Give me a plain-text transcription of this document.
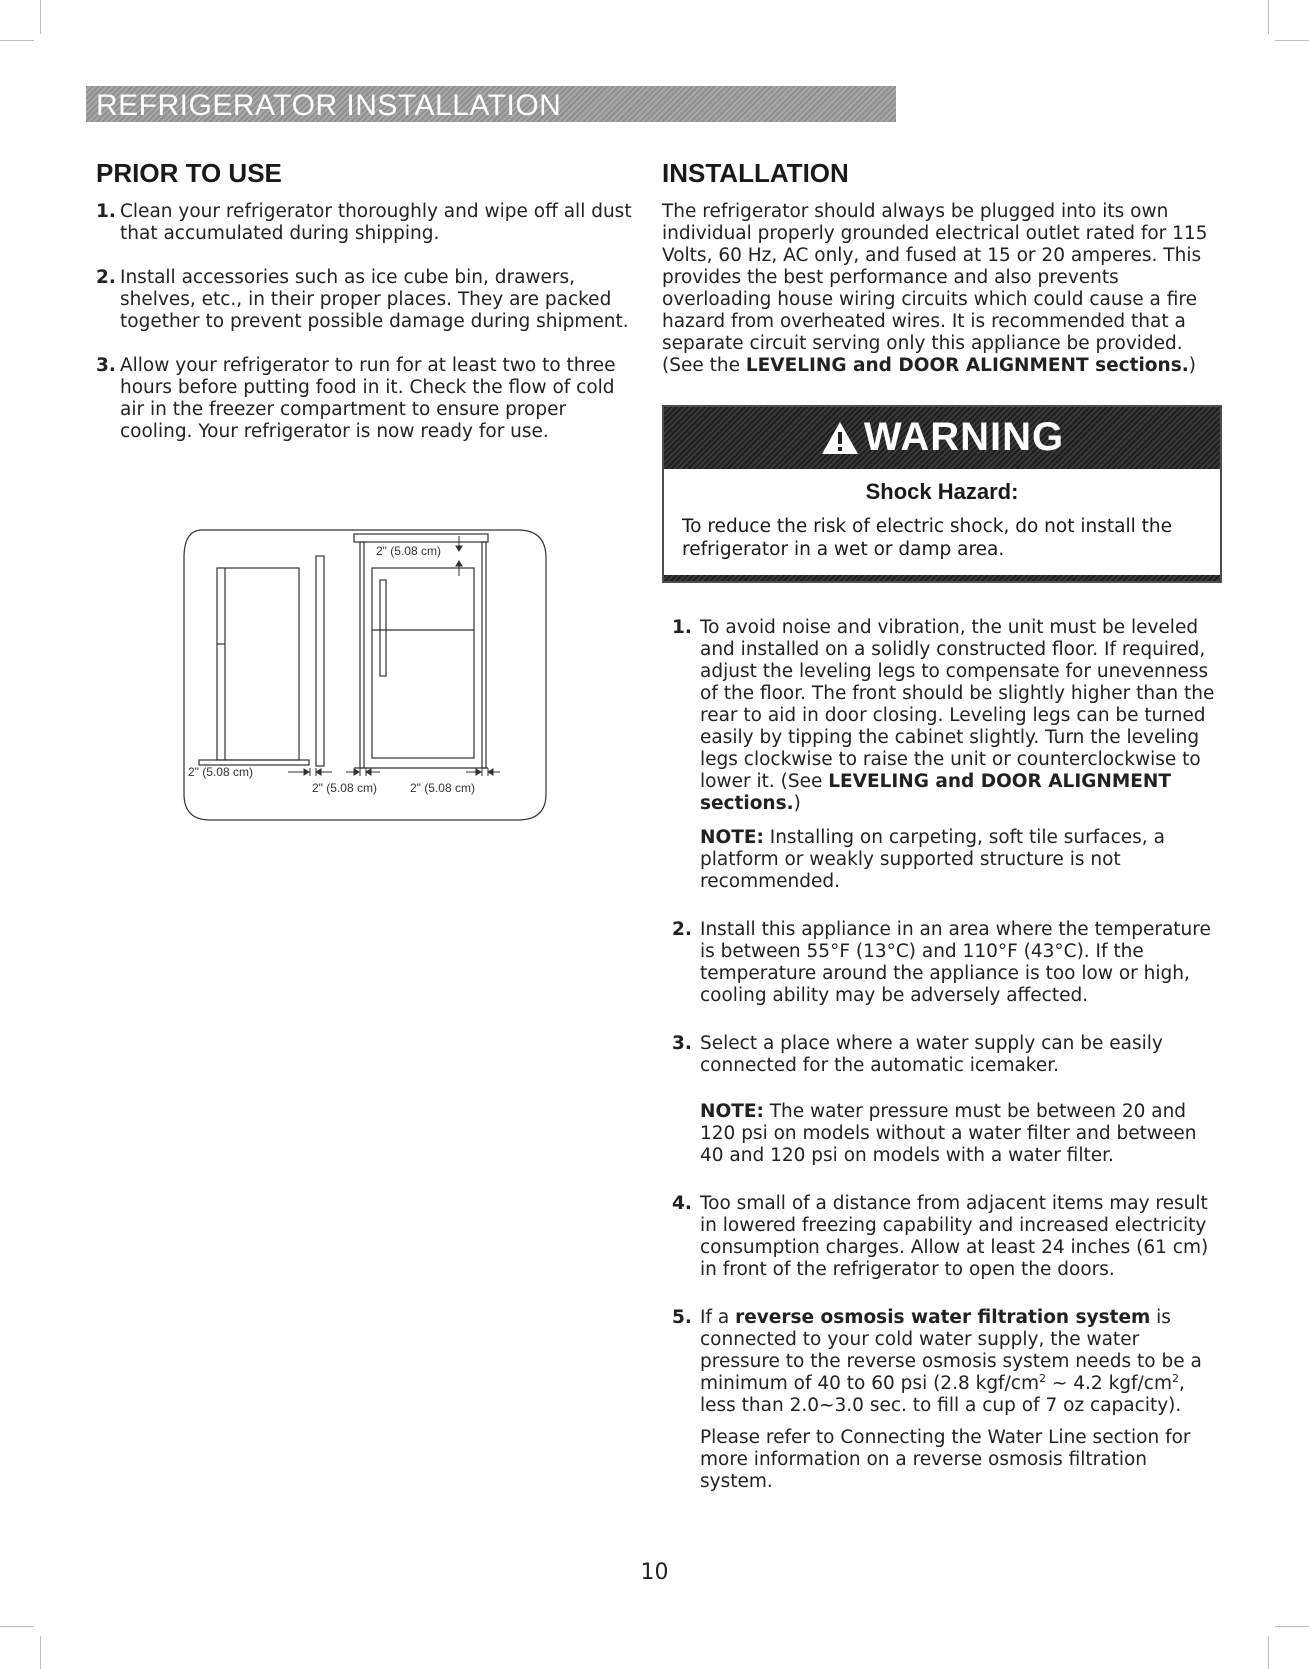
REFRIGERATOR INSTALLATION
PRIOR TO USE
1. Clean your refrigerator thoroughly and wipe off all dust that accumulated during shipping.

2. Install accessories such as ice cube bin, drawers, shelves, etc., in their proper places. They are packed together to prevent possible damage during shipment.

3. Allow your refrigerator to run for at least two to three hours before putting food in it. Check the flow of cold air in the freezer compartment to ensure proper cooling. Your refrigerator is now ready for use.

2" (5.08 cm)
2" (5.08 cm)
2" (5.08 cm)	2" (5.08 cm)
INSTALLATION

The refrigerator should always be plugged into its own individual properly grounded electrical outlet rated for 115 Volts, 60 Hz, AC only, and fused at 15 or 20 amperes. This provides the best performance and also prevents overloading house wiring circuits which could cause a fire hazard from overheated wires. It is recommended that a separate circuit serving only this appliance be provided. (See the LEVELING and DOOR ALIGNMENT sections.)

WARNING

Shock Hazard:

To reduce the risk of electric shock, do not install the refrigerator in a wet or damp area.

1. To avoid noise and vibration, the unit must be leveled and installed on a solidly constructed floor. If required, adjust the leveling legs to compensate for unevenness of the floor. The front should be slightly higher than the rear to aid in door closing. Leveling legs can be turned easily by tipping the cabinet slightly. Turn the leveling legs clockwise to raise the unit or counterclockwise to lower it. (See LEVELING and DOOR ALIGNMENT sections.)

NOTE: Installing on carpeting, soft tile surfaces, a platform or weakly supported structure is not recommended.

2. Install this appliance in an area where the temperature is between 55°F (13°C) and 110°F (43°C). If the temperature around the appliance is too low or high, cooling ability may be adversely affected.

3. Select a place where a water supply can be easily connected for the automatic icemaker.

NOTE: The water pressure must be between 20 and 120 psi on models without a water filter and between 40 and 120 psi on models with a water filter.

4. Too small of a distance from adjacent items may result in lowered freezing capability and increased electricity consumption charges. Allow at least 24 inches (61 cm) in front of the refrigerator to open the doors.

5. If a reverse osmosis water filtration system is connected to your cold water supply, the water pressure to the reverse osmosis system needs to be a minimum of 40 to 60 psi (2.8 kgf/$cm^2$ ~ 4.2 kgf/$cm^2$, less than 2.0~3.0 sec. to fill a cup of 7 oz capacity).

Please refer to Connecting the Water Line section for more information on a reverse osmosis filtration system.

10
